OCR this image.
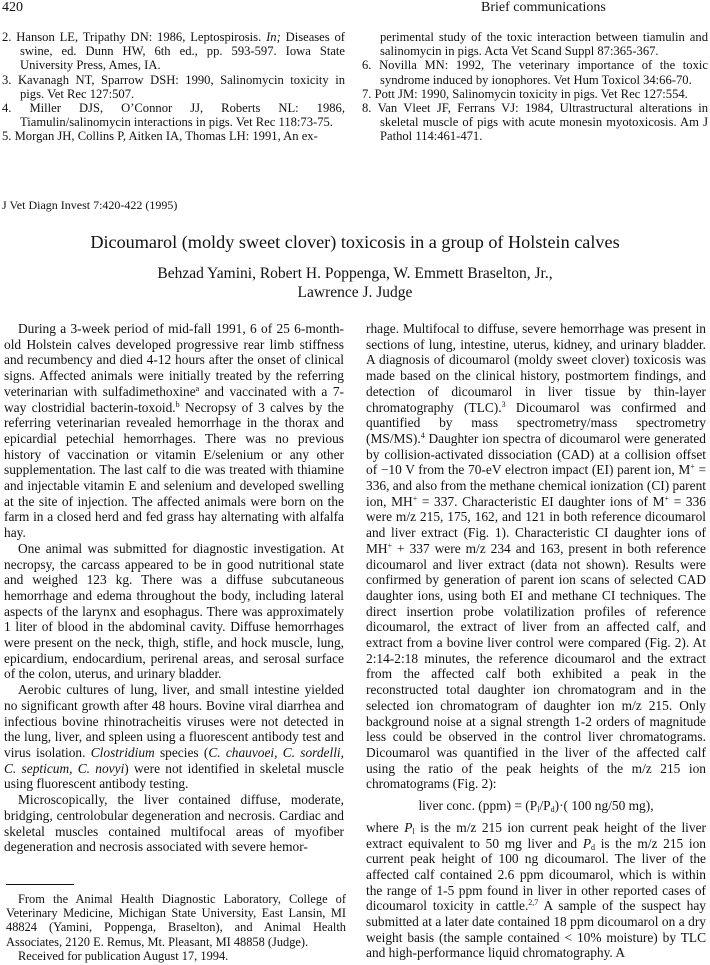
420	Brief communications
2. Hanson LE, Tripathy DN: 1986, Leptospirosis. In; Diseases of swine, ed. Dunn HW, 6th ed., pp. 593-597. Iowa State University Press, Ames, IA.
3. Kavanagh NT, Sparrow DSH: 1990, Salinomycin toxicity in pigs. Vet Rec 127:507.
4. Miller DJS, O’Connor JJ, Roberts NL: 1986, Tiamulin/salinomycin interactions in pigs. Vet Rec 118:73-75.
5. Morgan JH, Collins P, Aitken IA, Thomas LH: 1991, An ex-
perimental study of the toxic interaction between tiamulin and salinomycin in pigs. Acta Vet Scand Suppl 87:365-367.
6. Novilla MN: 1992, The veterinary importance of the toxic syndrome induced by ionophores. Vet Hum Toxicol 34:66-70.
7. Pott JM: 1990, Salinomycin toxicity in pigs. Vet Rec 127:554.
8. Van Vleet JF, Ferrans VJ: 1984, Ultrastructural alterations in skeletal muscle of pigs with acute monesin myotoxicosis. Am J Pathol 114:461-471.
J Vet Diagn Invest 7:420-422 (1995)
Dicoumarol (moldy sweet clover) toxicosis in a group of Holstein calves
Behzad Yamini, Robert H. Poppenga, W. Emmett Braselton, Jr.,
Lawrence J. Judge

During a 3-week period of mid-fall 1991, 6 of 25 6-month-old Holstein calves developed progressive rear limb stiffness and recumbency and died 4-12 hours after the onset of clinical signs. Affected animals were initially treated by the referring veterinarian with sulfadimethoxine$^a$ and vaccinated with a 7-way clostridial bacterin-toxoid.$^b$ Necropsy of 3 calves by the referring veterinarian revealed hemorrhage in the thorax and epicardial petechial hemorrhages. There was no previous history of vaccination or vitamin E/selenium or any other supplementation. The last calf to die was treated with thiamine and injectable vitamin E and selenium and developed swelling at the site of injection. The affected animals were born on the farm in a closed herd and fed grass hay alternating with alfalfa hay.

One animal was submitted for diagnostic investigation. At necropsy, the carcass appeared to be in good nutritional state and weighed 123 kg. There was a diffuse subcutaneous hemorrhage and edema throughout the body, including lateral aspects of the larynx and esophagus. There was approximately 1 liter of blood in the abdominal cavity. Diffuse hemorrhages were present on the neck, thigh, stifle, and hock muscle, lung, epicardium, endocardium, perirenal areas, and serosal surface of the colon, uterus, and urinary bladder.

Aerobic cultures of lung, liver, and small intestine yielded no significant growth after 48 hours. Bovine viral diarrhea and infectious bovine rhinotracheitis viruses were not detected in the lung, liver, and spleen using a fluorescent antibody test and virus isolation. Clostridium species (C. chauvoei, C. sordelli, C. septicum, C. novyi) were not identified in skeletal muscle using fluorescent antibody testing.

Microscopically, the liver contained diffuse, moderate, bridging, centrolobular degeneration and necrosis. Cardiac and skeletal muscles contained multifocal areas of myofiber degeneration and necrosis associated with severe hemor-

rhage. Multifocal to diffuse, severe hemorrhage was present in sections of lung, intestine, uterus, kidney, and urinary bladder. A diagnosis of dicoumarol (moldy sweet clover) toxicosis was made based on the clinical history, postmortem findings, and detection of dicoumarol in liver tissue by thin-layer chromatography (TLC).$^3$ Dicoumarol was confirmed and quantified by mass spectrometry/mass spectrometry (MS/MS).$^4$ Daughter ion spectra of dicoumarol were generated by collision-activated dissociation (CAD) at a collision offset of −10 V from the 70-eV electron impact (EI) parent ion, M+ = 336, and also from the methane chemical ionization (CI) parent ion, MH+ = 337. Characteristic EI daughter ions of M+ = 336 were m/z 215, 175, 162, and 121 in both reference dicoumarol and liver extract (Fig. 1). Characteristic CI daughter ions of MH+ + 337 were m/z 234 and 163, present in both reference dicoumarol and liver extract (data not shown). Results were confirmed by generation of parent ion scans of selected CAD daughter ions, using both EI and methane CI techniques. The direct insertion probe volatilization profiles of reference dicoumarol, the extract of liver from an affected calf, and extract from a bovine liver control were compared (Fig. 2). At 2:14-2:18 minutes, the reference dicoumarol and the extract from the affected calf both exhibited a peak in the reconstructed total daughter ion chromatogram and in the selected ion chromatogram of daughter ion m/z 215. Only background noise at a signal strength 1-2 orders of magnitude less could be observed in the control liver chromatograms. Dicoumarol was quantified in the liver of the affected calf using the ratio of the peak heights of the m/z 215 ion chromatograms (Fig. 2):

liver conc. $(ppm) = (P_l/P_d)\cdot$( 100 ng/50 mg),

where $P_l$ is the m/z 215 ion current peak height of the liver extract equivalent to 50 mg liver and $P_d$ is the m/z 215 ion current peak height of 100 ng dicoumarol. The liver of the affected calf contained 2.6 ppm dicoumarol, which is within the range of 1-5 ppm found in liver in other reported cases of dicoumarol toxicity in cattle.$^{2,7}$ A sample of the suspect hay submitted at a later date contained 18 ppm dicoumarol on a dry weight basis (the sample contained < 10% moisture) by TLC and high-performance liquid chromatography. A

From the Animal Health Diagnostic Laboratory, College of Veterinary Medicine, Michigan State University, East Lansin, MI 48824 (Yamini, Poppenga, Braselton), and Animal Health Associates, 2120 E. Remus, Mt. Pleasant, MI 48858 (Judge).

Received for publication August 17, 1994.
